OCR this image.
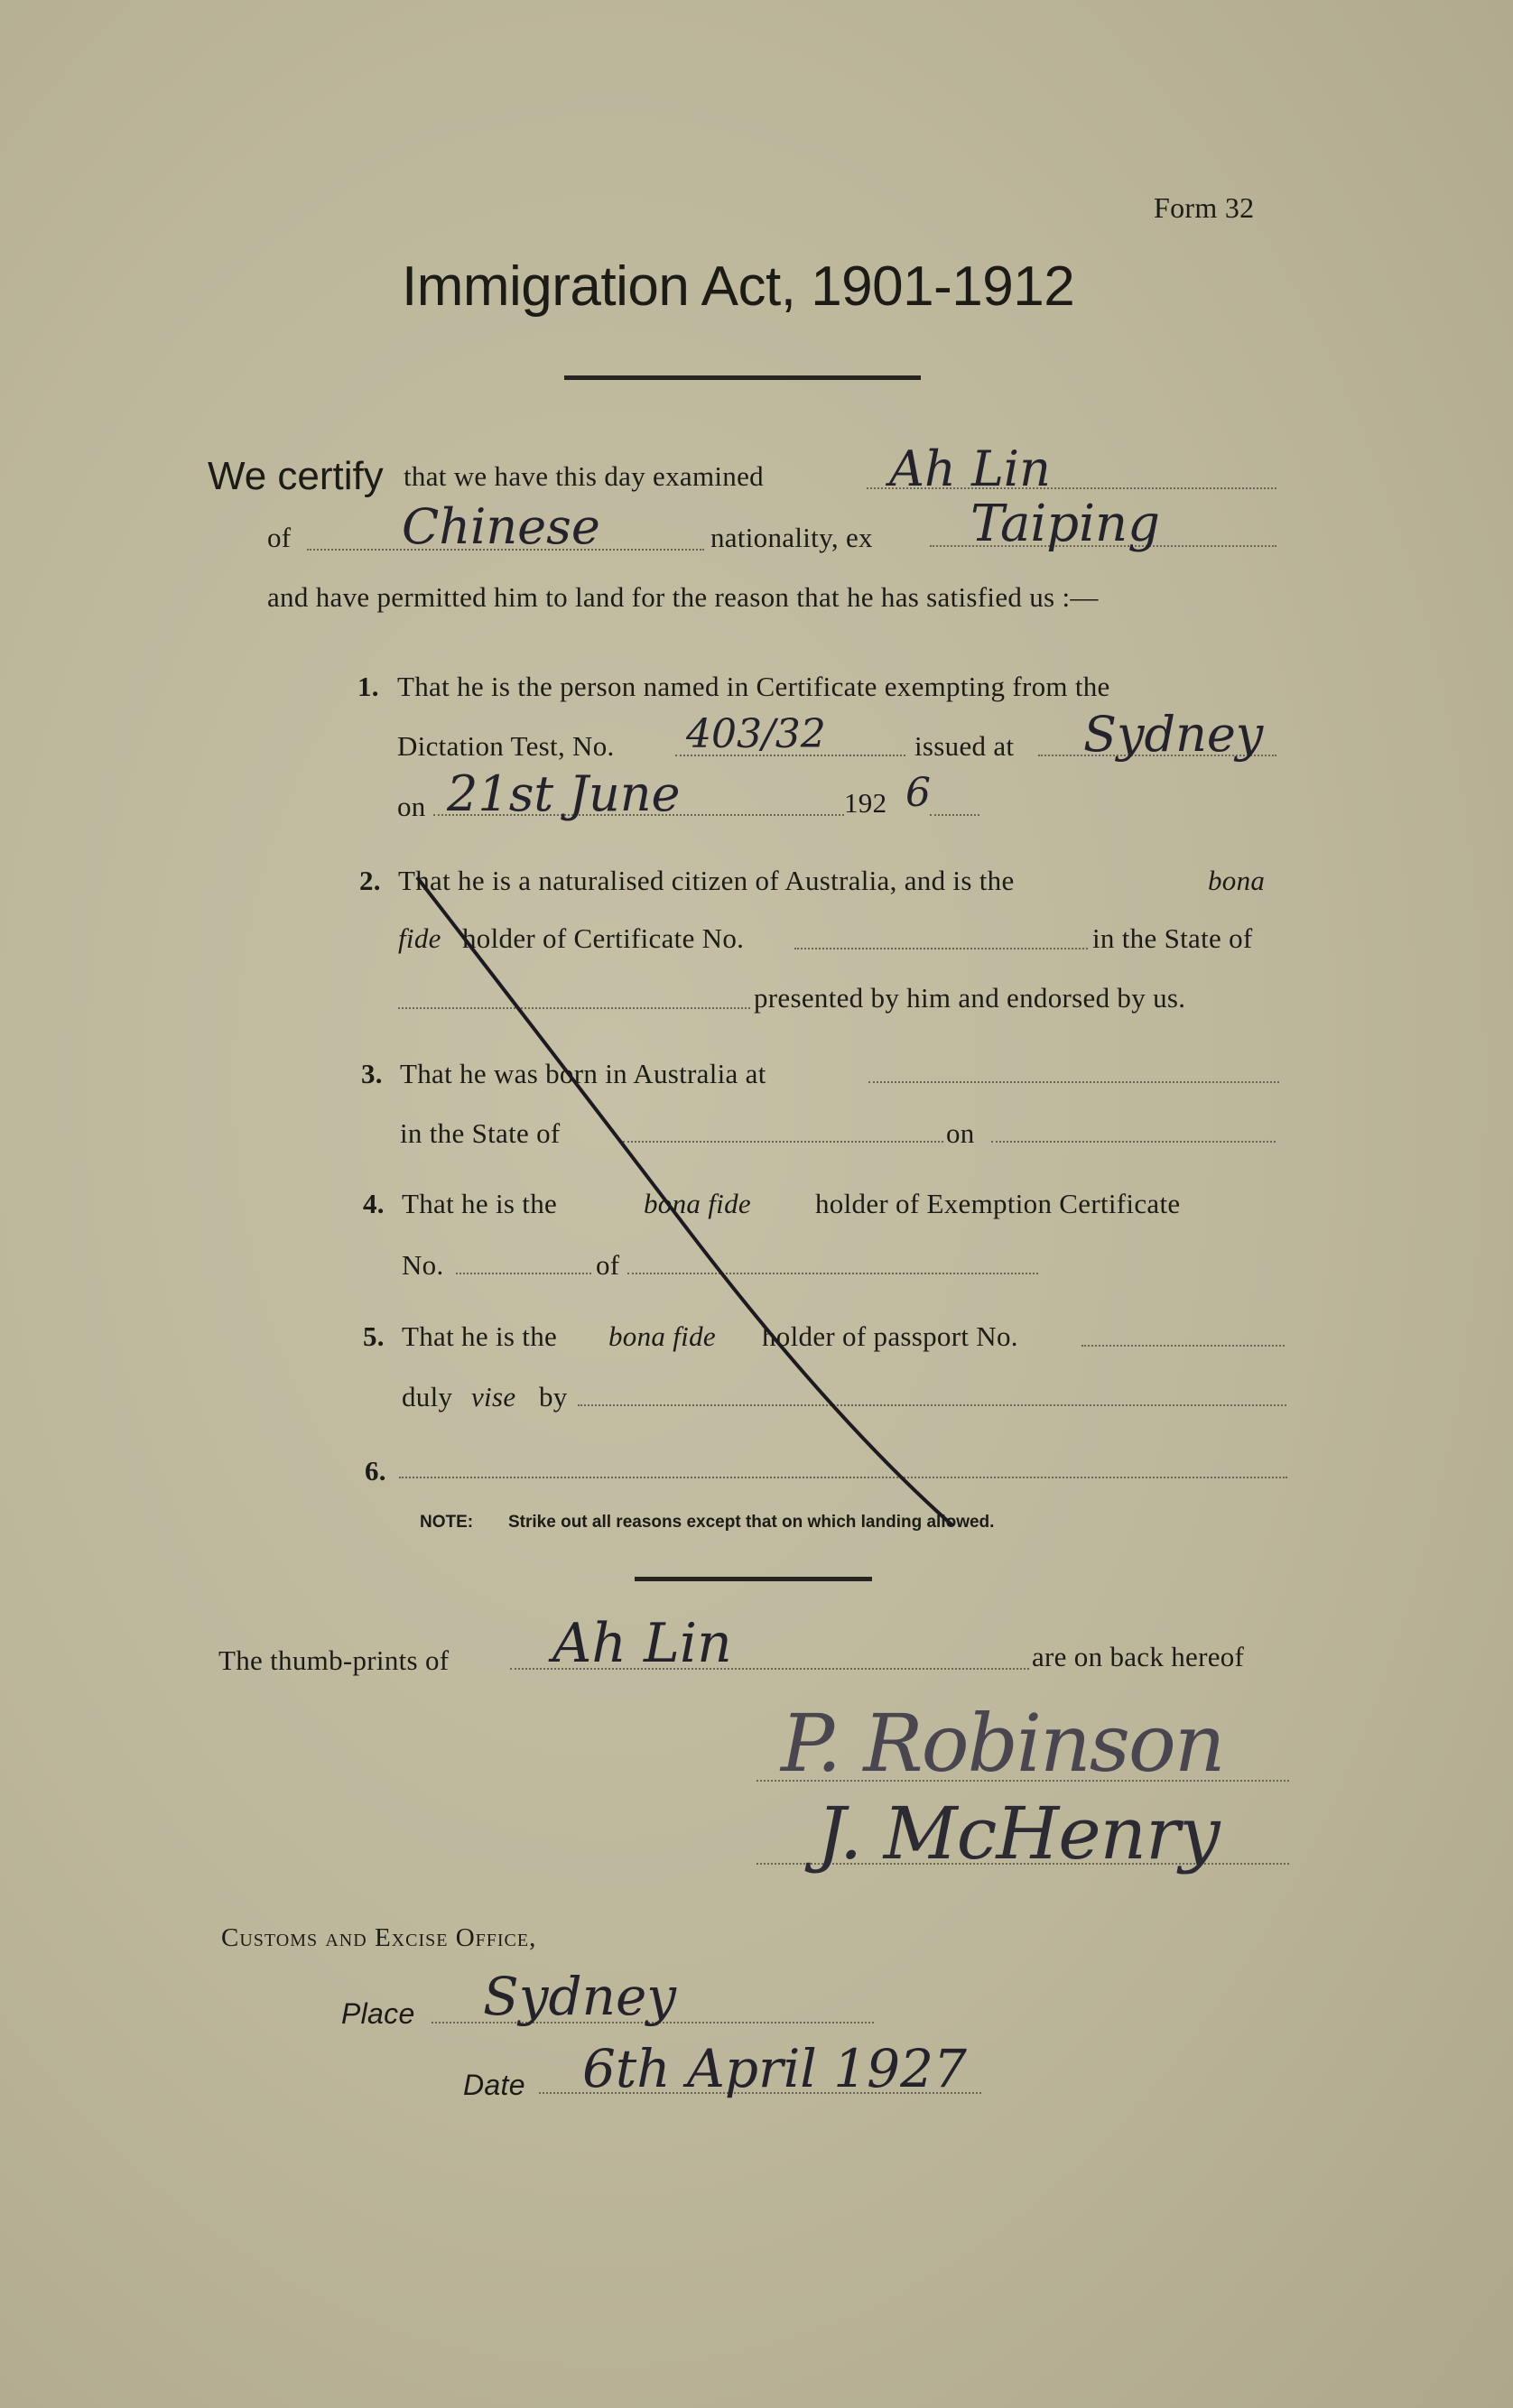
Form 32
Immigration Act, 1901-1912
We certify that we have this day examined	Ah Lin
of Chinese	nationality, ex Taiping
and have permitted him to land for the reason that he has satisfied us :—
1. That he is the person named in Certificate exempting from the
Dictation Test, No. 403/32	issued at Sydney
on 21st June	192 6
2. That he is a naturalised citizen of Australia, and is the	bona
fide holder of Certificate No.	in the State of
presented by him and endorsed by us.
3. That he was born in Australia at
in the State of	on
4. That he is the	bona fide holder of Exemption Certificate
No.	of
5. That he is the bona fide holder of passport No.
duly vise by
6.
NOTE: Strike out all reasons except that on which landing allowed.
The thumb-prints of Ah Lin	are on back hereof
P. Robinson
J. McHenry
Customs and Excise Office,
Place Sydney
Date 6th April 1927
